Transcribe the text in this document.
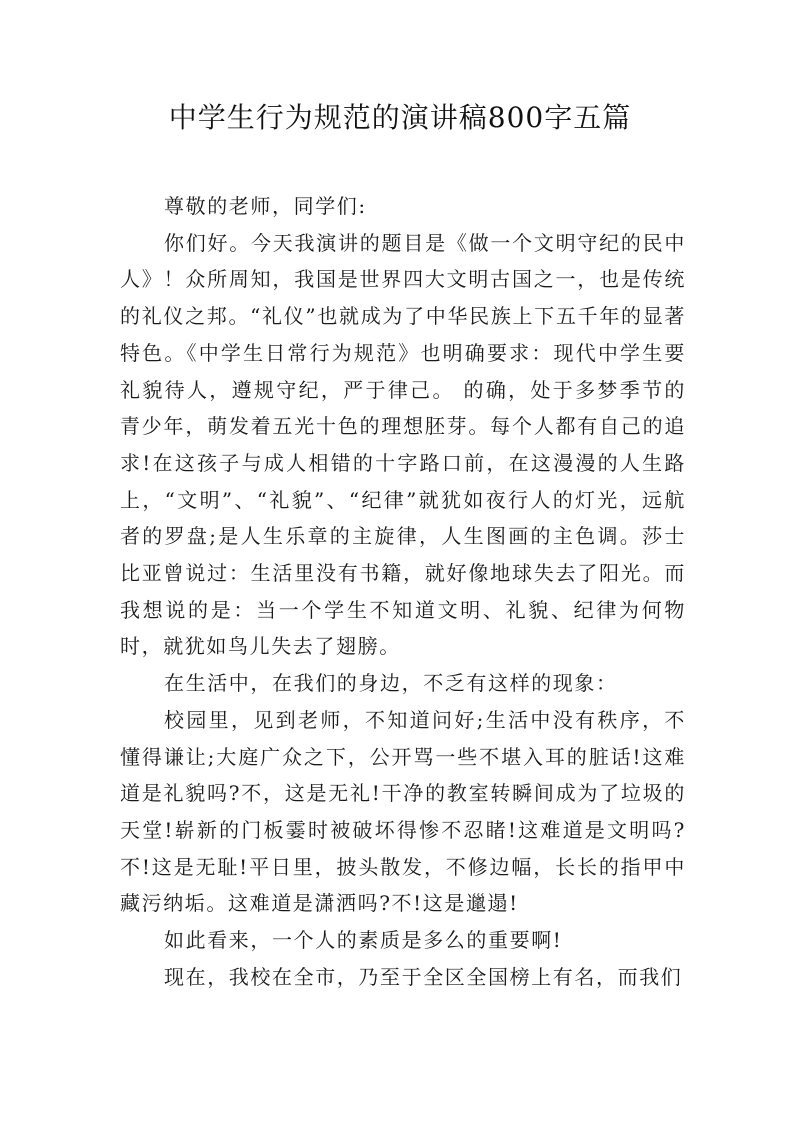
中学生行为规范的演讲稿800字五篇

尊敬的老师，同学们:

你们好。今天我演讲的题目是《做一个文明守纪的民中人》！众所周知，我国是世界四大文明古国之一，也是传统的礼仪之邦。“礼仪”也就成为了中华民族上下五千年的显著特色。《中学生日常行为规范》也明确要求：现代中学生要礼貌待人，遵规守纪，严于律己。 的确，处于多梦季节的青少年，萌发着五光十色的理想胚芽。每个人都有自己的追求!在这孩子与成人相错的十字路口前，在这漫漫的人生路上，“文明”、“礼貌”、“纪律”就犹如夜行人的灯光，远航者的罗盘;是人生乐章的主旋律，人生图画的主色调。莎士比亚曾说过：生活里没有书籍，就好像地球失去了阳光。而我想说的是：当一个学生不知道文明、礼貌、纪律为何物时，就犹如鸟儿失去了翅膀。

在生活中，在我们的身边，不乏有这样的现象：

校园里，见到老师，不知道问好;生活中没有秩序，不懂得谦让;大庭广众之下，公开骂一些不堪入耳的脏话!这难道是礼貌吗?不，这是无礼!干净的教室转瞬间成为了垃圾的天堂!崭新的门板霎时被破坏得惨不忍睹!这难道是文明吗?不!这是无耻!平日里，披头散发，不修边幅，长长的指甲中藏污纳垢。这难道是潇洒吗?不!这是邋遢!

如此看来，一个人的素质是多么的重要啊!

现在，我校在全市，乃至于全区全国榜上有名，而我们
